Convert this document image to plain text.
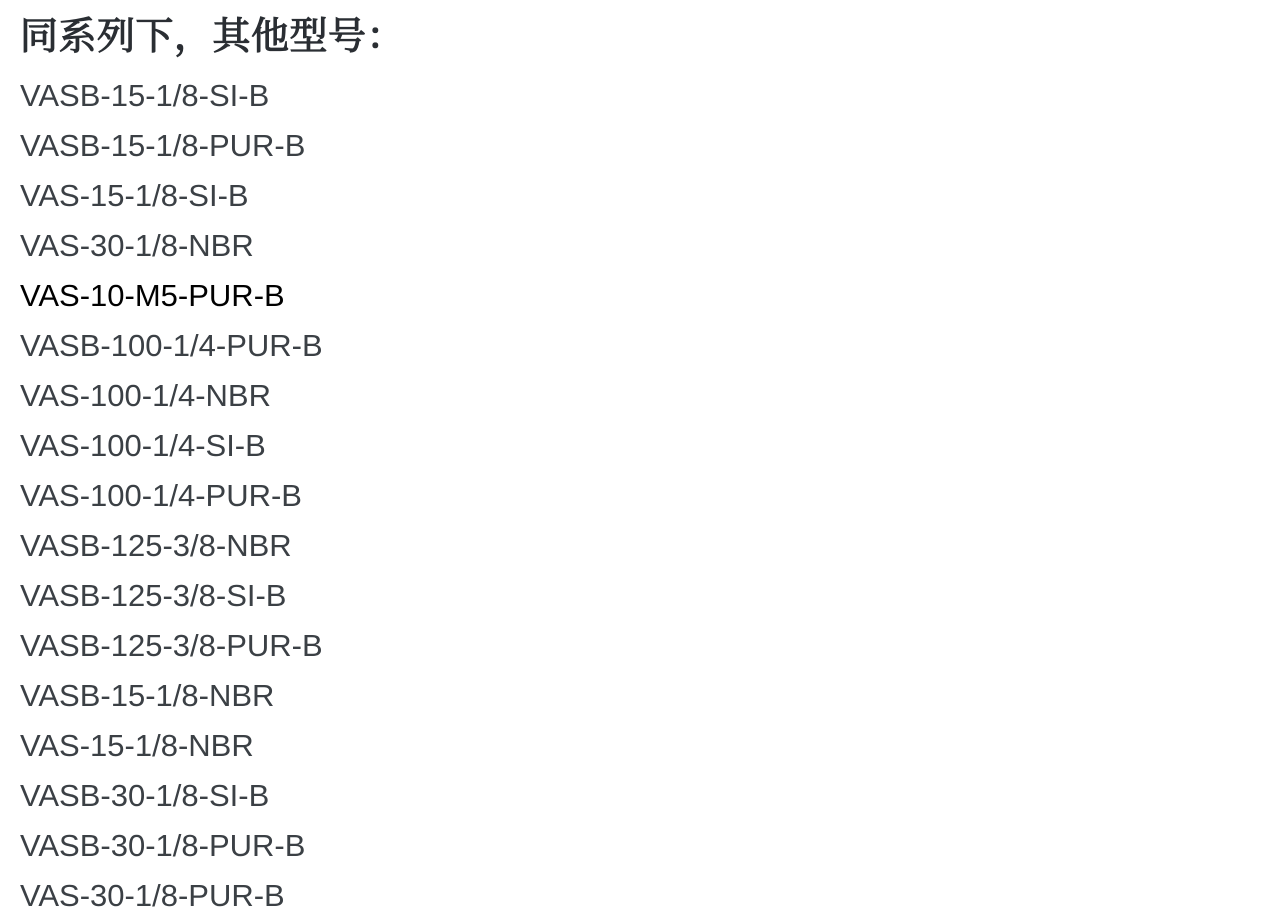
同系列下，其他型号：
VASB-15-1/8-SI-B
VASB-15-1/8-PUR-B
VAS-15-1/8-SI-B
VAS-30-1/8-NBR
VAS-10-M5-PUR-B
VASB-100-1/4-PUR-B
VAS-100-1/4-NBR
VAS-100-1/4-SI-B
VAS-100-1/4-PUR-B
VASB-125-3/8-NBR
VASB-125-3/8-SI-B
VASB-125-3/8-PUR-B
VASB-15-1/8-NBR
VAS-15-1/8-NBR
VASB-30-1/8-SI-B
VASB-30-1/8-PUR-B
VAS-30-1/8-PUR-B
